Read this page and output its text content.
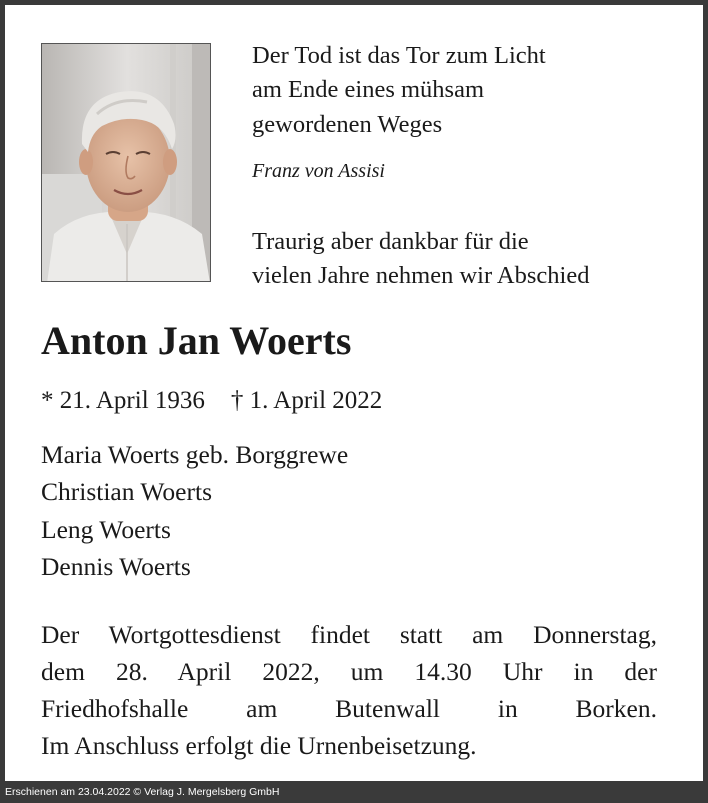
Der Tod ist das Tor zum Licht
am Ende eines mühsam
gewordenen Weges
Franz von Assisi
Traurig aber dankbar für die
vielen Jahre nehmen wir Abschied
Anton Jan Woerts
* 21. April 1936 † 1. April 2022
Maria Woerts geb. Borggrewe
Christian Woerts
Leng Woerts
Dennis Woerts
Der Wortgottesdienst findet statt am Donnerstag,
dem 28. April 2022, um 14.30 Uhr in der
Friedhofshalle am Butenwall in Borken.
Im Anschluss erfolgt die Urnenbeisetzung.
Erschienen am 23.04.2022 © Verlag J. Mergelsberg GmbH
